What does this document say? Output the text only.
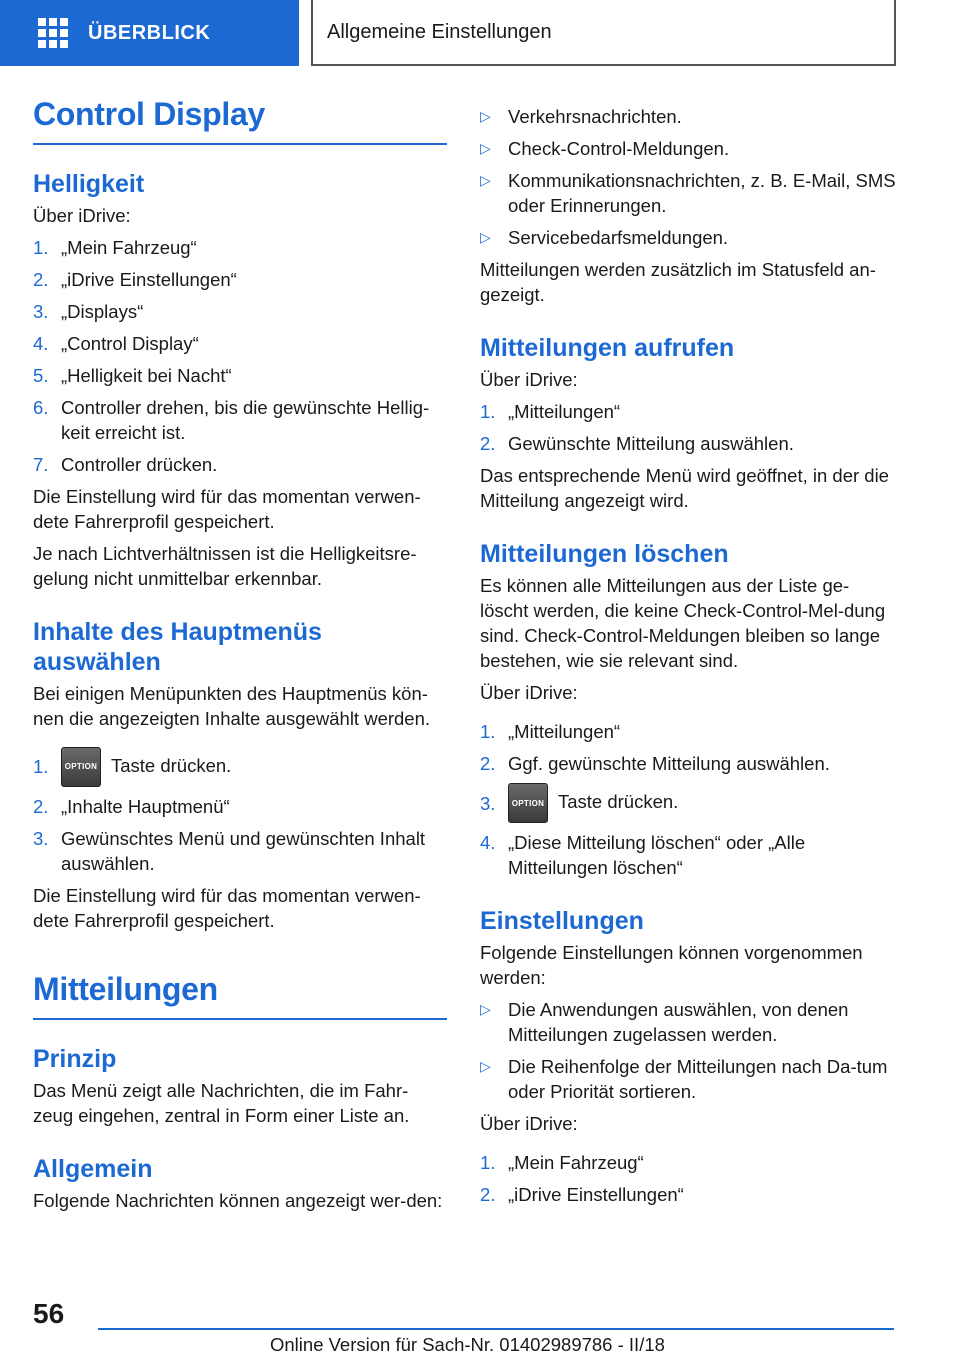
ÜBERBLICK	Allgemeine Einstellungen
Control Display
Helligkeit
Über iDrive:
1. „Mein Fahrzeug“
2. „iDrive Einstellungen“
3. „Displays“
4. „Control Display“
5. „Helligkeit bei Nacht“
6. Controller drehen, bis die gewünschte Hellig-keit erreicht ist.
7. Controller drücken.
Die Einstellung wird für das momentan verwen-dete Fahrerprofil gespeichert.
Je nach Lichtverhältnissen ist die Helligkeitsre-gelung nicht unmittelbar erkennbar.
Inhalte des Hauptmenüs auswählen
Bei einigen Menüpunkten des Hauptmenüs kön-nen die angezeigten Inhalte ausgewählt werden.
1.	OPTION Taste drücken.
2. „Inhalte Hauptmenü“
3. Gewünschtes Menü und gewünschten Inhalt auswählen.
Die Einstellung wird für das momentan verwen-dete Fahrerprofil gespeichert.
Mitteilungen
Prinzip
Das Menü zeigt alle Nachrichten, die im Fahr-zeug eingehen, zentral in Form einer Liste an.
Allgemein
Folgende Nachrichten können angezeigt wer-den:
▷ Verkehrsnachrichten.
▷ Check-Control-Meldungen.
▷ Kommunikationsnachrichten, z. B. E-Mail, SMS oder Erinnerungen.
▷ Servicebedarfsmeldungen.
Mitteilungen werden zusätzlich im Statusfeld an-gezeigt.
Mitteilungen aufrufen
Über iDrive:
1. „Mitteilungen“
2. Gewünschte Mitteilung auswählen.
Das entsprechende Menü wird geöffnet, in der die Mitteilung angezeigt wird.
Mitteilungen löschen
Es können alle Mitteilungen aus der Liste ge-löscht werden, die keine Check-Control-Mel-dung sind. Check-Control-Meldungen bleiben so lange bestehen, wie sie relevant sind.
Über iDrive:
1. „Mitteilungen“
2. Ggf. gewünschte Mitteilung auswählen.
3.	OPTION Taste drücken.
4. „Diese Mitteilung löschen“ oder „Alle Mitteilungen löschen“
Einstellungen
Folgende Einstellungen können vorgenommen werden:
▷ Die Anwendungen auswählen, von denen Mitteilungen zugelassen werden.
▷ Die Reihenfolge der Mitteilungen nach Da-tum oder Priorität sortieren.
Über iDrive:
1. „Mein Fahrzeug“
2. „iDrive Einstellungen“
56
Online Version für Sach-Nr. 01402989786 - II/18
